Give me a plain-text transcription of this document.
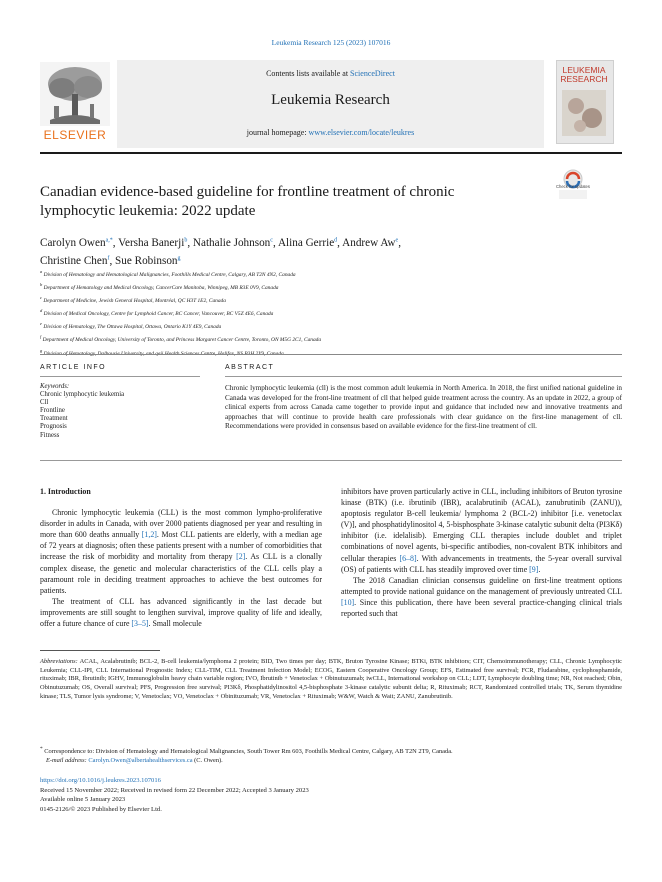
Leukemia Research 125 (2023) 107016
ELSEVIER
Contents lists available at ScienceDirect
Leukemia Research
journal homepage: www.elsevier.com/locate/leukres
LEUKEMIA RESEARCH
Canadian evidence-based guideline for frontline treatment of chronic
lymphocytic leukemia: 2022 update
Check for updates
Carolyn Owen$^{a,*}$, Versha Banerji$^b$, Nathalie Johnson$^c$, Alina Gerrie$^d$, Andrew Aw$^e$,
Christine Chen$^f$, Sue Robinson$^g$
$^a$ Division of Hematology and Hematological Malignancies, Foothills Medical Centre, Calgary, AB T2N 4N2, Canada
$^b$ Department of Hematology and Medical Oncology, CancerCare Manitoba, Winnipeg, MB R3E 0V9, Canada
$^c$ Department of Medicine, Jewish General Hospital, Montréal, QC H3T 1E2, Canada
$^d$ Division of Medical Oncology, Centre for Lymphoid Cancer, BC Cancer, Vancouver, BC V5Z 4E6, Canada
$^e$ Division of Hematology, The Ottawa Hospital, Ottawa, Ontario K1Y 4E9, Canada
$^f$ Department of Medical Oncology, University of Toronto, and Princess Margaret Cancer Centre, Toronto, ON M5G 2C1, Canada
$^g$
ARTICLE INFO
Keywords:
Chronic lymphocytic leukemia
Cll
Frontline
Treatment
Prognosis
Fitness
ABSTRACT
Chronic lymphocytic leukemia (cll) is the most common adult leukemia in North America. In 2018, the first unified national guideline in Canada was developed for the front-line treatment of cll that helped guide treatment across the country. As an update in 2022, a group of clinical experts from across Canada came together to provide input and guidance that included new and innovative treatments and approaches that will continue to provide health care professionals with clear guidance on the first-line management of cll. Recommendations were provided in consensus based on available evidence for the first-line treatment of cll.
1. Introduction

Chronic lymphocytic leukemia (CLL) is the most common lympho-proliferative disorder in adults in Canada, with over 2000 patients diagnosed per year and resulting in more than 600 deaths annually [1,2]. Most CLL patients are elderly, with a median age of 72 years at diagnosis; often these patients present with a number of comorbidities that increase the risk of morbidity and mortality from therapy [2]. As CLL is a clonally complex disease, the genetic and molecular characteristics of the CLL cells play a paramount role in deciding treatment approaches to achieve the best outcomes for patients.

The treatment of CLL has advanced significantly in the last decade but improvements are still sought to lengthen survival, improve quality of life and ideally, offer a future chance of cure [3–5]. Small molecule

inhibitors have proven particularly active in CLL, including inhibitors of Bruton tyrosine kinase (BTK) (i.e. ibrutinib (IBR), acalabrutinib (ACAL), zanubrutinib (ZANU)), apoptosis regulator B-cell leukemia/ lymphoma 2 (BCL-2) inhibitor [i.e. venetoclax (V)], and phosphatidylinositol 4, 5-bisphosphate 3-kinase catalytic subunit delta (PI3Kδ) inhibitor (i.e. idelalisib). Emerging CLL therapies include doublet and triplet combinations of novel agents, bi-specific antibodies, non-covalent BTK inhibitors and cellular therapies [6–8]. With advancements in treatments, the 5-year overall survival (OS) of patients with CLL has steadily improved over time [9].

The 2018 Canadian clinician consensus guideline on first-line treatment options attempted to provide national guidance on the management of previously untreated CLL [10]. Since this publication, there have been several practice-changing clinical trials reported such that

Abbreviations: ACAL, Acalabrutinib; BCL-2, B-cell leukemia/lymphoma 2 protein; BID, Two times per day; BTK, Bruton Tyrosine Kinase; BTKi, BTK inhibitors; CIT, Chemoimmunotherapy; CLL, Chronic Lymphocytic Leukemia; CLL-IPI, CLL International Prognostic Index; CLL-TIM, CLL Treatment Infection Model; ECOG, Eastern Cooperative Oncology Group; EFS, Estimated free survival; FCR, Fludarabine, cyclophosphamide, rituximab; IBR, Ibrutinib; IGHV, Immunoglobulin heavy chain variable region; IVO, Ibrutinib + Venetoclax + Obinutuzumab; iwCLL, International workshop on CLL; LDT, Lymphocyte doubling time; NR, Not reached; Obin, Obinutuzumab; OS, Overall survival; PFS, Progression free survival; PI3Kδ, Phosphatidylinositol 4,5-bisphosphate 3-kinase catalytic subunit delta; R, Rituximab; RCT, Randomized controlled trials; TK, Serum thymidine kinase; TLS, Tumor lysis syndrome; V, Venetoclax; VO, Venetoclax + Obinituzumab; VR, Venetoclax + Rituximab; W&W, Watch & Wait; ZANU, Zanubrutinib.
* Correspondence to: Division of Hematology and Hematological Malignancies, South Tower Rm 603, Foothills Medical Centre, Calgary, AB T2N 2T9, Canada.
E-mail address: Carolyn.Owen@albertahealthservices.ca (C. Owen).
https://doi.org/10.1016/j.leukres.2023.107016
Received 15 November 2022; Received in revised form 22 December 2022; Accepted 3 January 2023
Available online 5 January 2023
0145-2126/© 2023 Published by Elsevier Ltd.
